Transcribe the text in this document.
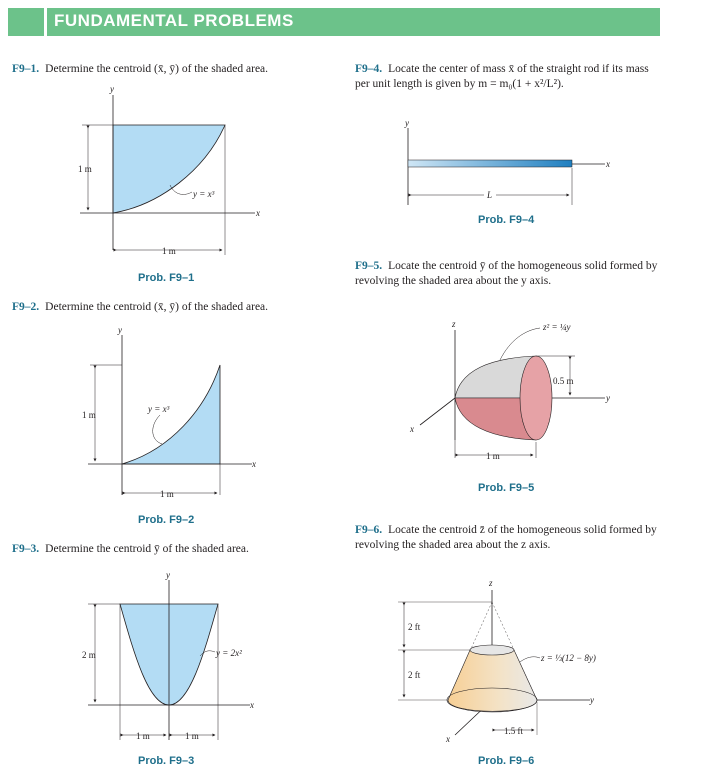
FUNDAMENTAL PROBLEMS
F9–1. Determine the centroid (x̄, ȳ) of the shaded area.
F9–2. Determine the centroid (x̄, ȳ) of the shaded area.
F9–3. Determine the centroid ȳ of the shaded area.
F9–4. Locate the center of mass x̄ of the straight rod if its mass per unit length is given by m = m₀(1 + x²/L²).
F9–5. Locate the centroid ȳ of the homogeneous solid formed by revolving the shaded area about the y axis.
F9–6. Locate the centroid z̄ of the homogeneous solid formed by revolving the shaded area about the z axis.
Prob. F9–1
Prob. F9–2
Prob. F9–3
Prob. F9–4
Prob. F9–5
Prob. F9–6
y
x
1 m
1 m
y = x³
y
x
1 m
1 m
y = x³
y
x
2 m
1 m	1 m
y = 2x²
y
x
L
z
x
y
0.5 m
1 m
z² = ¼y
z
x
y
2 ft
2 ft
1.5 ft
z = ⅓(12 − 8y)
